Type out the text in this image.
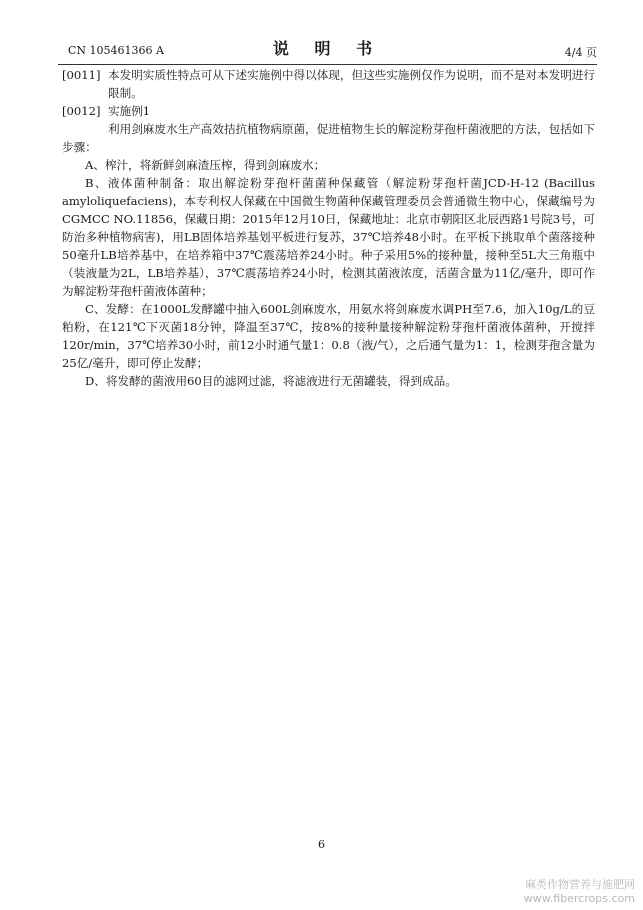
CN 105461366 A	说 明 书	4/4 页
[0011] 本发明实质性特点可从下述实施例中得以体现，但这些实施例仅作为说明，而不是对本发明进行限制。
[0012] 实施例1

利用剑麻废水生产高效拮抗植物病原菌，促进植物生长的解淀粉芽孢杆菌液肥的方法，包括如下步骤：

A、榨汁，将新鲜剑麻渣压榨，得到剑麻废水；

B、液体菌种制备：取出解淀粉芽孢杆菌菌种保藏管（解淀粉芽孢杆菌JCD-H-12 (Bacillus amyloliquefaciens)，本专利权人保藏在中国微生物菌种保藏管理委员会普通微生物中心，保藏编号为CGMCC NO.11856，保藏日期：2015年12月10日，保藏地址：北京市朝阳区北辰西路1号院3号，可防治多种植物病害)，用LB固体培养基划平板进行复苏，37℃培养48小时。在平板下挑取单个菌落接种50毫升LB培养基中，在培养箱中37℃震荡培养24小时。种子采用5%的接种量，接种至5L大三角瓶中（装液量为2L，LB培养基），37℃震荡培养24小时，检测其菌液浓度，活菌含量为11亿/毫升，即可作为解淀粉芽孢杆菌液体菌种；

C、发酵：在1000L发酵罐中抽入600L剑麻废水，用氨水将剑麻废水调PH至7.6，加入10g/L的豆粕粉，在121℃下灭菌18分钟，降温至37℃，按8%的接种量接种解淀粉芽孢杆菌液体菌种，开搅拌120r/min，37℃培养30小时，前12小时通气量1：0.8（液/气），之后通气量为1：1，检测芽孢含量为25亿/毫升，即可停止发酵；

D、将发酵的菌液用60目的滤网过滤，将滤液进行无菌罐装，得到成品。

6
麻类作物营养与施肥网
www.fibercrops.com
